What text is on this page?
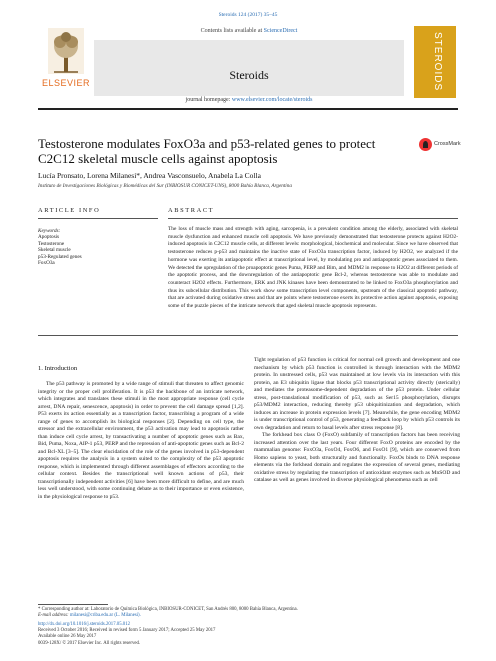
Steroids 124 (2017) 35–45
ELSEVIER
Contents lists available at ScienceDirect
Steroids
journal homepage: www.elsevier.com/locate/steroids
STEROIDS
Testosterone modulates FoxO3a and p53-related genes to protect C2C12 skeletal muscle cells against apoptosis
CrossMark
Lucía Pronsato, Lorena Milanesi*, Andrea Vasconsuelo, Anabela La Colla
Instituto de Investigaciones Biológicas y Biomédicas del Sur (INBIOSUR CONICET-UNS), 8000 Bahía Blanca, Argentina
ARTICLE INFO	ABSTRACT
Keywords:
Apoptosis
Testosterone
Skeletal muscle
p53-Regulated genes
FoxO3a
The loss of muscle mass and strength with aging, sarcopenia, is a prevalent condition among the elderly, associated with skeletal muscle dysfunction and enhanced muscle cell apoptosis. We have previously demonstrated that testosterone protects against H2O2-induced apoptosis in C2C12 muscle cells, at different levels: morphological, biochemical and molecular. Since we have observed that testosterone reduces p-p53 and maintains the inactive state of FoxO3a transcription factor, induced by H2O2, we analyzed if the hormone was exerting its antiapoptotic effect at transcriptional level, by modulating pro and antiapoptotic genes associated to them. We detected the upregulation of the proapoptotic genes Puma, PERP and Bim, and MDM2 in response to H2O2 at different periods of the apoptotic process, and the downregulation of the antiapoptotic gene Bcl-2, whereas testosterone was able to modulate and counteract H2O2 effects. Furthermore, ERK and JNK kinases have been demonstrated to be linked to FoxO3a phosphorylation and thus its subcellular distribution. This work show some transcription level components, upstream of the classical apoptotic pathway, that are activated during oxidative stress and that are points where testosterone exerts its protective action against apoptosis, exposing some of the puzzle pieces of the intricate network that aged skeletal muscle apoptosis represents.
1. Introduction

The p53 pathway is promoted by a wide range of stimuli that threaten to affect genomic integrity or the proper cell proliferation. It is p53 the backbone of an intricate network, which integrates and translates these stimuli in the most appropriate response (cell cycle arrest, DNA repair, senescence, apoptosis) in order to prevent the cell damage spread [1,2]. P53 exerts its action essentially as a transcription factor, transcribing a program of a wide range of genes to accomplish its biological responses [2]. Depending on cell type, the stressor and the extracellular environment, the p53 activation may lead to apoptosis rather than induce cell cycle arrest, by transactivating a number of apoptotic genes such as Bax, Bid, Puma, Noxa, AIP-1 p53, PERP and the repression of anti-apoptotic genes such as Bcl-2 and Bcl-XL [3–5]. The clear elucidation of the role of the genes involved in p53-dependent apoptosis requires the analysis in a system suited to the complexity of the p53 apoptotic response, which is implemented through different assemblages of effectors according to the cellular context. Besides the transcriptional well known actions of p53, their transcriptionally independent activities [6] have been more difficult to define, and are much less well understood, with some continuing debate as to their importance or even existence, in the physiological response to p53.

Tight regulation of p53 function is critical for normal cell growth and development and one mechanism by which p53 function is controlled is through interaction with the MDM2 protein. In unstressed cells, p53 was maintained at low levels via its interaction with this protein, an E3 ubiquitin ligase that blocks p53 transcriptional activity directly (sterically) and mediates the proteasome-dependent degradation of the p53 protein. Under cellular stress, post-translational modification of p53, such as Ser15 phosphorylation, disrupts p53/MDM2 interaction, reducing thereby p53 ubiquitinization and degradation, which induces an increase in protein expression levels [7]. Meanwhile, the gene encoding MDM2 is under transcriptional control of p53, generating a feedback loop by which p53 controls its own degradation and return to basal levels after stress response [8].

The forkhead box class O (FoxO) subfamily of transcription factors has been receiving increased attention over the last years. Four different FoxO proteins are encoded by the mammalian genome: FoxO3a, FoxO4, FoxO6, and FoxO1 [9], which are conserved from Homo sapiens to yeast, both structurally and functionally. FoxOs binds to DNA response elements via the forkhead domain and regulates the expression of several genes, mediating oxidative stress by regulating the transcription of antioxidant enzymes such as MnSOD and catalase as well as genes involved in diverse physiological phenomena such as cell

* Corresponding author at: Laboratorio de Química Biológica, INBIOSUR-CONICET, San Andrés 800, 8000 Bahía Blanca, Argentina.
E-mail address: milanesi@criba.edu.ar (L. Milanesi).
http://dx.doi.org/10.1016/j.steroids.2017.05.012
Received 3 October 2016; Received in revised form 5 January 2017; Accepted 25 May 2017
Available online 26 May 2017
0039-128X/ © 2017 Elsevier Inc. All rights reserved.
